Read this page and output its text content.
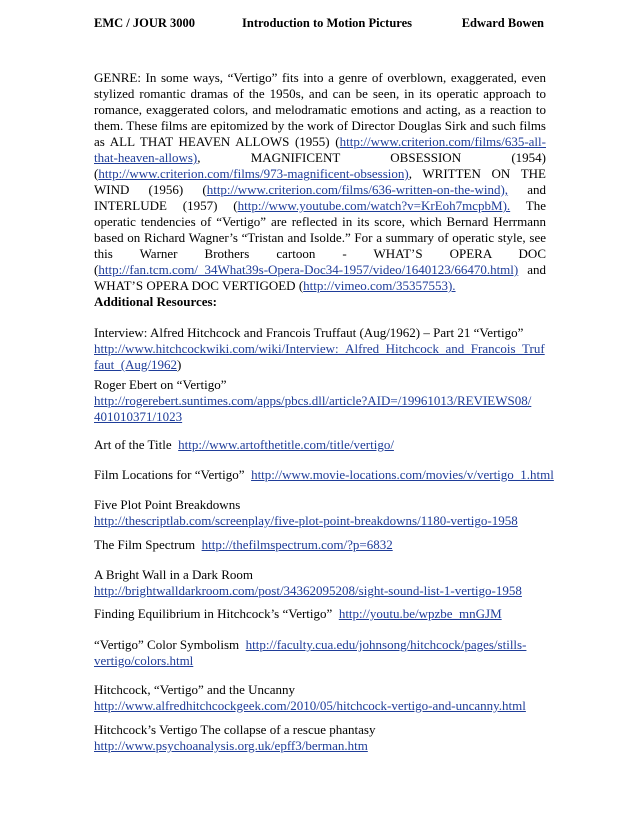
EMC / JOUR 3000	Introduction to Motion Pictures	Edward Bowen

GENRE: In some ways, “Vertigo” fits into a genre of overblown, exaggerated, even stylized romantic dramas of the 1950s, and can be seen, in its operatic approach to romance, exaggerated colors, and melodramatic emotions and acting, as a reaction to them. These films are epitomized by the work of Director Douglas Sirk and such films as ALL THAT HEAVEN ALLOWS (1955) (http://www.criterion.com/films/635-all-that-heaven-allows), MAGNIFICENT OBSESSION (1954) (http://www.criterion.com/films/973-magnificent-obsession), WRITTEN ON THE WIND (1956) (http://www.criterion.com/films/636-written-on-the-wind), and INTERLUDE (1957) (http://www.youtube.com/watch?v=KrEoh7mcpbM). The operatic tendencies of “Vertigo” are reflected in its score, which Bernard Herrmann based on Richard Wagner’s “Tristan and Isolde.” For a summary of operatic style, see this Warner Brothers cartoon - WHAT’S OPERA DOC (http://fan.tcm.com/_34What39s-Opera-Doc34-1957/video/1640123/66470.html) and WHAT’S OPERA DOC VERTIGOED (http://vimeo.com/35357553).

Additional Resources:

Interview: Alfred Hitchcock and Francois Truffaut (Aug/1962) – Part 21 “Vertigo”

http://www.hitchcockwiki.com/wiki/Interview:_Alfred_Hitchcock_and_Francois_Truffaut_(Aug/1962)

Roger Ebert on “Vertigo”

http://rogerebert.suntimes.com/apps/pbcs.dll/article?AID=/19961013/REVIEWS08/401010371/1023

Art of the Title http://www.artofthetitle.com/title/vertigo/
Film Locations for “Vertigo” http://www.movie-locations.com/movies/v/vertigo_1.html

Five Plot Point Breakdowns

http://thescriptlab.com/screenplay/five-plot-point-breakdowns/1180-vertigo-1958

The Film Spectrum http://thefilmspectrum.com/?p=6832

A Bright Wall in a Dark Room

http://brightwalldarkroom.com/post/34362095208/sight-sound-list-1-vertigo-1958

Finding Equilibrium in Hitchcock’s “Vertigo” http://youtu.be/wpzbe_mnGJM

“Vertigo” Color Symbolism http://faculty.cua.edu/johnsong/hitchcock/pages/stills-vertigo/colors.html

Hitchcock, “Vertigo” and the Uncanny

http://www.alfredhitchcockgeek.com/2010/05/hitchcock-vertigo-and-uncanny.html

Hitchcock’s Vertigo The collapse of a rescue phantasy

http://www.psychoanalysis.org.uk/epff3/berman.htm
